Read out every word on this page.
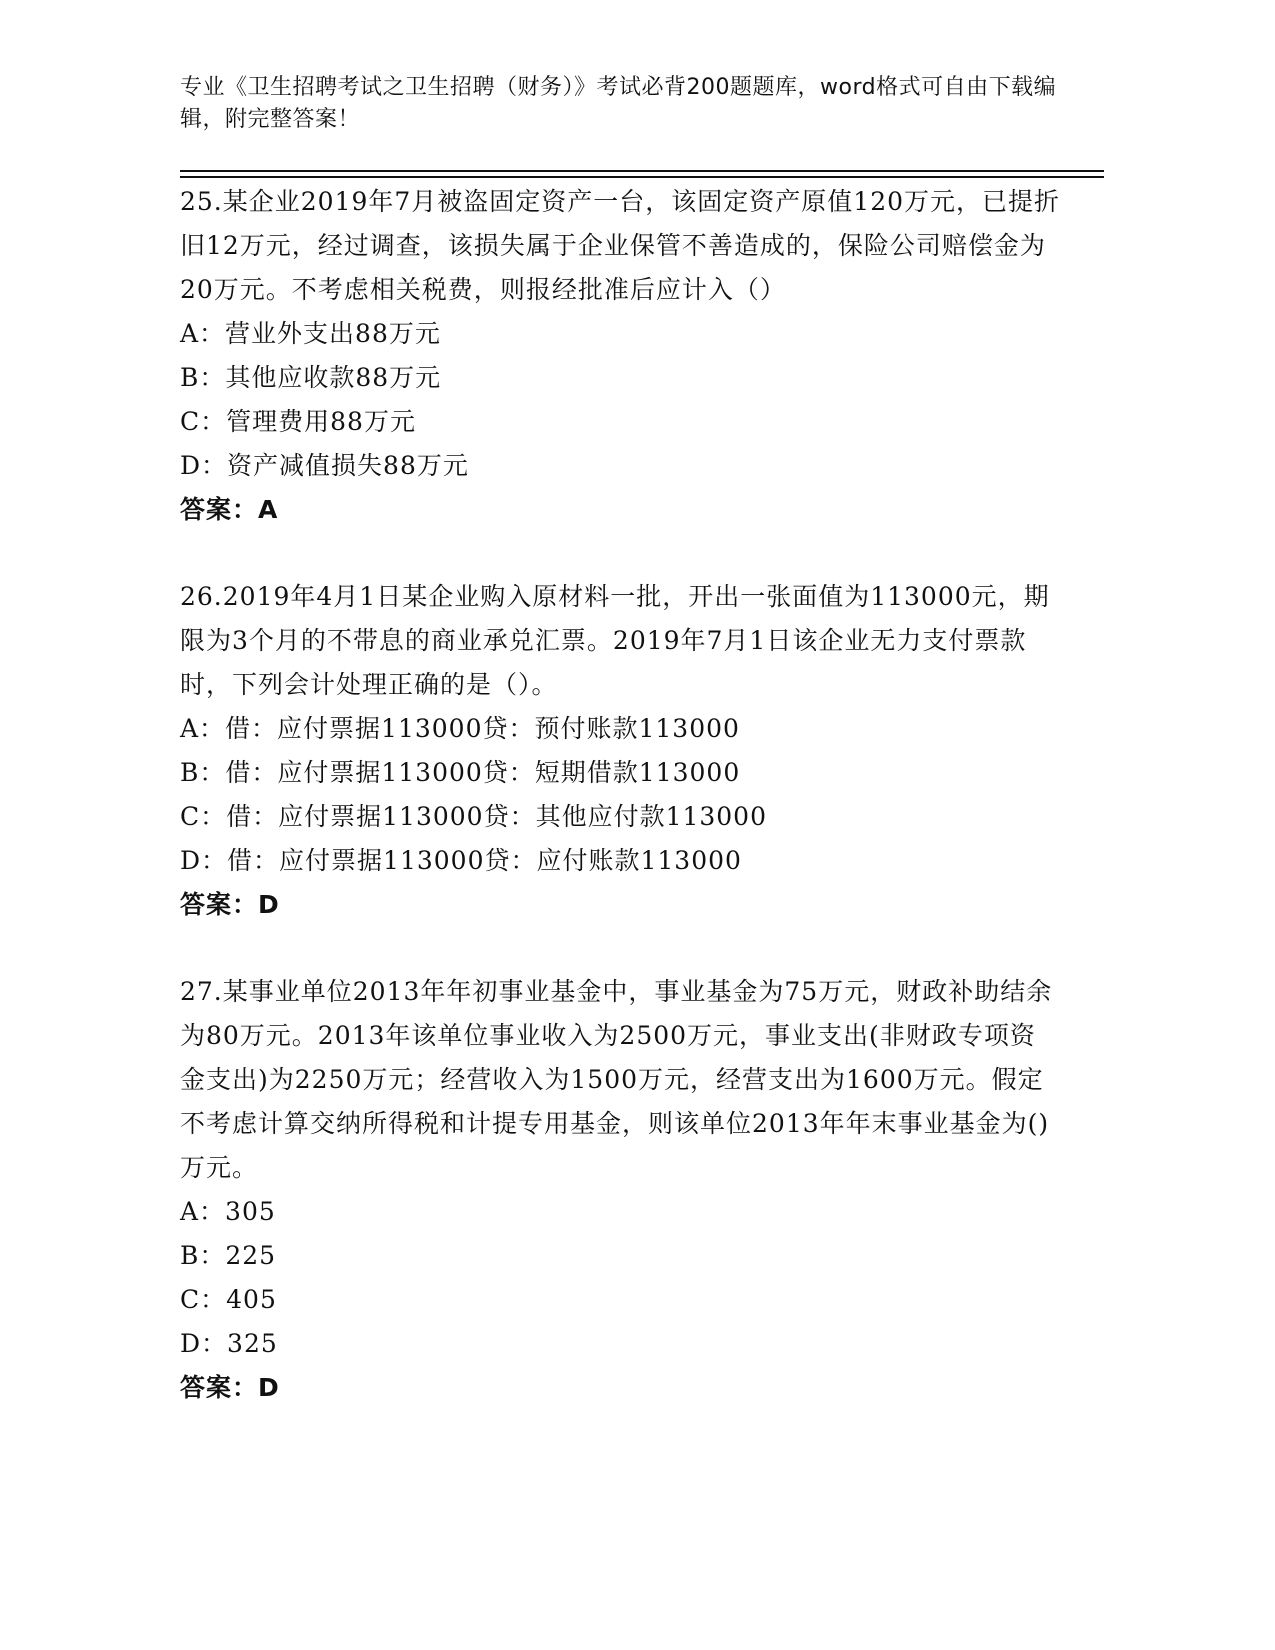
专业《卫生招聘考试之卫生招聘（财务）》考试必背200题题库，word格式可自由下载编辑，附完整答案！
25.某企业2019年7月被盗固定资产一台，该固定资产原值120万元，已提折旧12万元，经过调查，该损失属于企业保管不善造成的，保险公司赔偿金为20万元。不考虑相关税费，则报经批准后应计入（）
A：营业外支出88万元
B：其他应收款88万元
C：管理费用88万元
D：资产减值损失88万元
答案：A
26.2019年4月1日某企业购入原材料一批，开出一张面值为113000元，期限为3个月的不带息的商业承兑汇票。2019年7月1日该企业无力支付票款时，下列会计处理正确的是（）。
A：借：应付票据113000贷：预付账款113000
B：借：应付票据113000贷：短期借款113000
C：借：应付票据113000贷：其他应付款113000
D：借：应付票据113000贷：应付账款113000
答案：D
27.某事业单位2013年年初事业基金中，事业基金为75万元，财政补助结余为80万元。2013年该单位事业收入为2500万元，事业支出(非财政专项资金支出)为2250万元；经营收入为1500万元，经营支出为1600万元。假定不考虑计算交纳所得税和计提专用基金，则该单位2013年年末事业基金为()万元。
A：305
B：225
C：405
D：325
答案：D
